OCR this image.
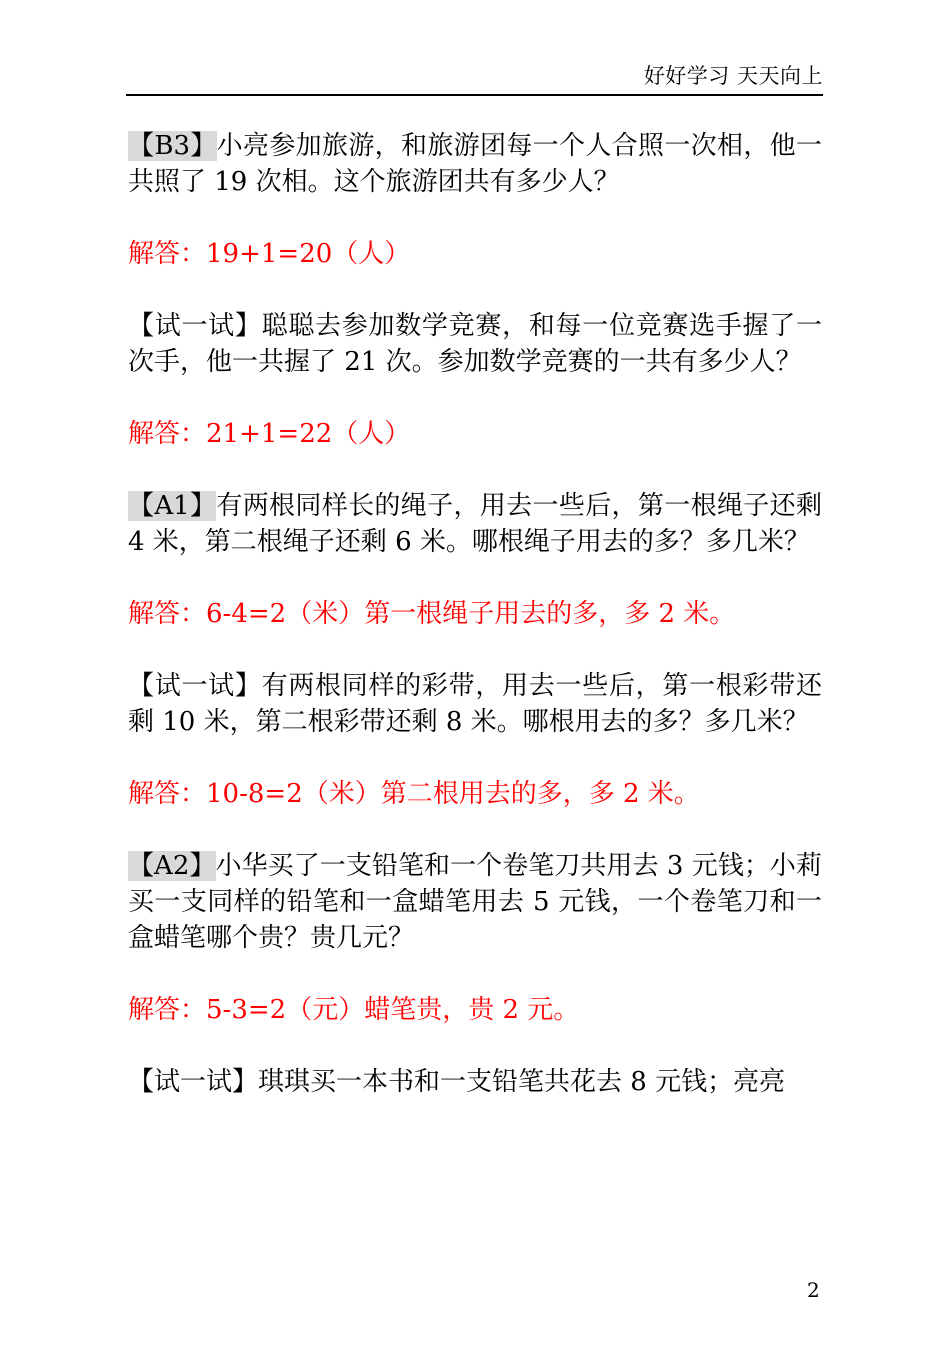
好好学习 天天向上

【B3】小亮参加旅游，和旅游团每一个人合照一次相，他一共照了 19 次相。这个旅游团共有多少人？

解答：19+1=20（人）

【试一试】聪聪去参加数学竞赛，和每一位竞赛选手握了一次手，他一共握了 21 次。参加数学竞赛的一共有多少人？

解答：21+1=22（人）

【A1】有两根同样长的绳子，用去一些后，第一根绳子还剩 4 米，第二根绳子还剩 6 米。哪根绳子用去的多？多几米？

解答：6-4=2（米）第一根绳子用去的多，多 2 米。

【试一试】有两根同样的彩带，用去一些后，第一根彩带还剩 10 米，第二根彩带还剩 8 米。哪根用去的多？多几米？

解答：10-8=2（米）第二根用去的多，多 2 米。

【A2】小华买了一支铅笔和一个卷笔刀共用去 3 元钱；小莉买一支同样的铅笔和一盒蜡笔用去 5 元钱，一个卷笔刀和一盒蜡笔哪个贵？贵几元？

解答：5-3=2（元）蜡笔贵，贵 2 元。

【试一试】琪琪买一本书和一支铅笔共花去 8 元钱；亮亮

2
